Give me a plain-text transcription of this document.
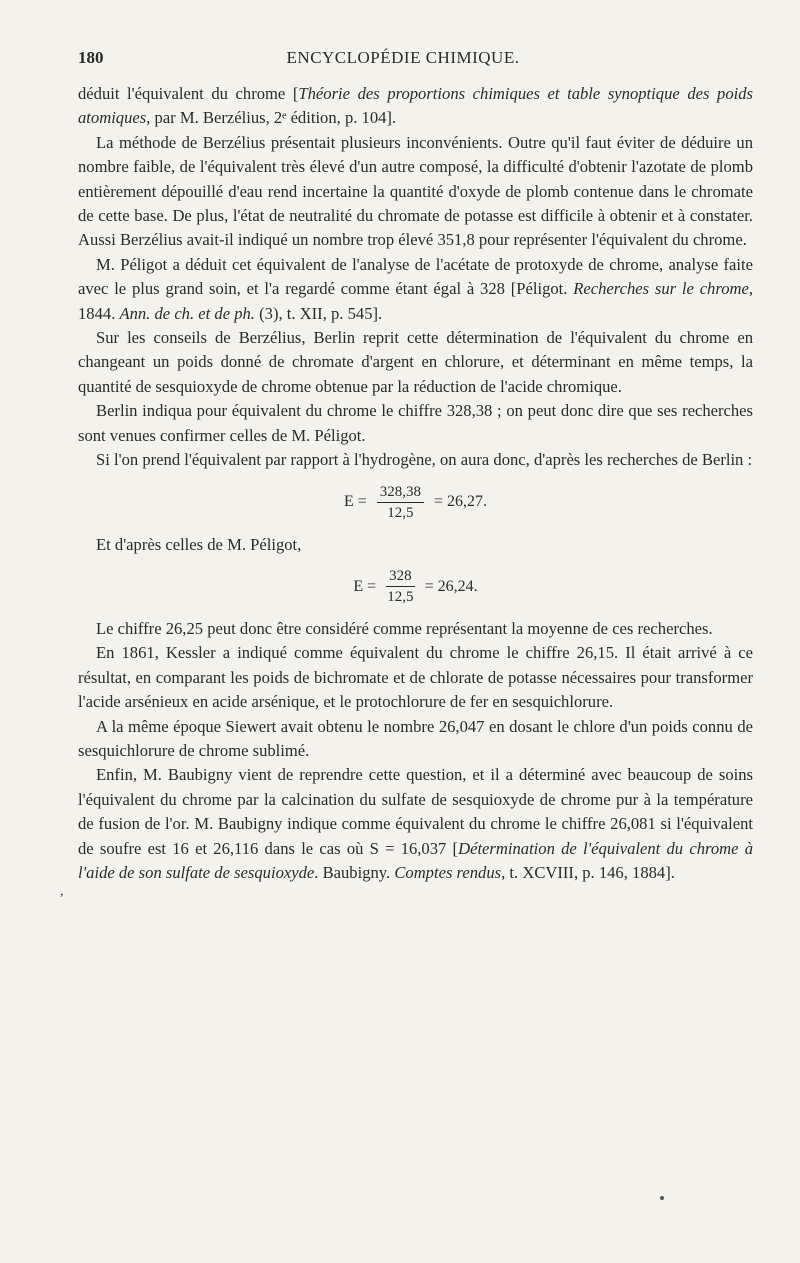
180	ENCYCLOPÉDIE CHIMIQUE.

déduit l'équivalent du chrome [Théorie des proportions chimiques et table synoptique des poids atomiques, par M. Berzélius, 2ᵉ édition, p. 104].

La méthode de Berzélius présentait plusieurs inconvénients. Outre qu'il faut éviter de déduire un nombre faible, de l'équivalent très élevé d'un autre composé, la difficulté d'obtenir l'azotate de plomb entièrement dépouillé d'eau rend incertaine la quantité d'oxyde de plomb contenue dans le chromate de cette base. De plus, l'état de neutralité du chromate de potasse est difficile à obtenir et à constater. Aussi Berzélius avait-il indiqué un nombre trop élevé 351,8 pour représenter l'équivalent du chrome.

M. Péligot a déduit cet équivalent de l'analyse de l'acétate de protoxyde de chrome, analyse faite avec le plus grand soin, et l'a regardé comme étant égal à 328 [Péligot. Recherches sur le chrome, 1844. Ann. de ch. et de ph. (3), t. XII, p. 545].

Sur les conseils de Berzélius, Berlin reprit cette détermination de l'équivalent du chrome en changeant un poids donné de chromate d'argent en chlorure, et déterminant en même temps, la quantité de sesquioxyde de chrome obtenue par la réduction de l'acide chromique.

Berlin indiqua pour équivalent du chrome le chiffre 328,38 ; on peut donc dire que ses recherches sont venues confirmer celles de M. Péligot.

Si l'on prend l'équivalent par rapport à l'hydrogène, on aura donc, d'après les recherches de Berlin :

$E = \frac{328,38}{12,5} = 26,27$.

Et d'après celles de M. Péligot,

$E = \frac{328}{12,5} = 26,24$.

Le chiffre 26,25 peut donc être considéré comme représentant la moyenne de ces recherches.

En 1861, Kessler a indiqué comme équivalent du chrome le chiffre 26,15. Il était arrivé à ce résultat, en comparant les poids de bichromate et de chlorate de potasse nécessaires pour transformer l'acide arsénieux en acide arsénique, et le protochlorure de fer en sesquichlorure.

A la même époque Siewert avait obtenu le nombre 26,047 en dosant le chlore d'un poids connu de sesquichlorure de chrome sublimé.

Enfin, M. Baubigny vient de reprendre cette question, et il a déterminé avec beaucoup de soins l'équivalent du chrome par la calcination du sulfate de sesquioxyde de chrome pur à la température de fusion de l'or. M. Baubigny indique comme équivalent du chrome le chiffre 26,081 si l'équivalent de soufre est 16 et 26,116 dans le cas où S = 16,037 [Détermination de l'équivalent du chrome à l'aide de son sulfate de sesquioxyde. Baubigny. Comptes rendus, t. XCVIII, p. 146, 1884].

,
